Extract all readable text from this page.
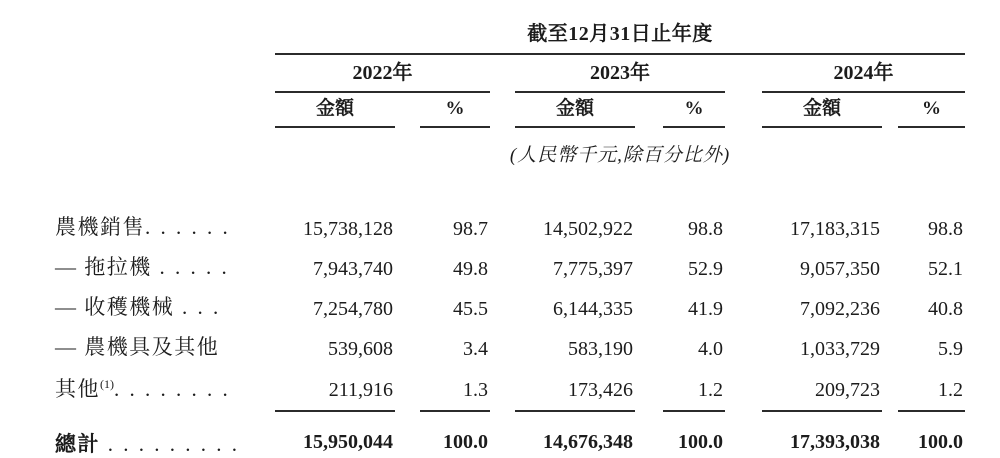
	截至12月31日止年度										
	2022年				2023年				2024年		
	金額		%		金額		%		金額		%
	(人民幣千元,除百分比外)										

農機銷售. . . . . .	15,738,128		98.7		14,502,922		98.8		17,183,315		98.8
— 拖拉機 . . . . .	7,943,740		49.8		7,775,397		52.9		9,057,350		52.1
— 收穫機械 . . .	7,254,780		45.5		6,144,335		41.9		7,092,236		40.8
— 農機具及其他	539,608		3.4		583,190		4.0		1,033,729		5.9
其他$^{(1)}$. . . . . . . .	211,916		1.3		173,426		1.2		209,723		1.2
總計 . . . . . . . . .	15,950,044		100.0		14,676,348		100.0		17,393,038		100.0
